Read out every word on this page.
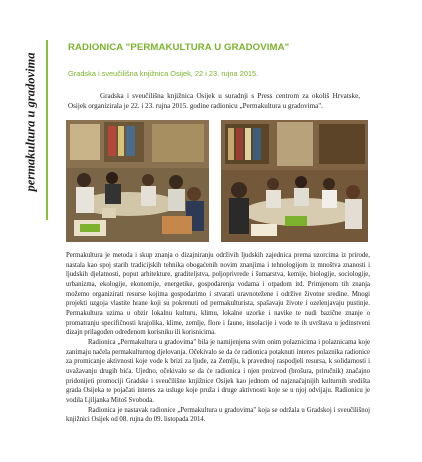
permakultura u gradovima
RADIONICA "PERMAKULTURA U GRADOVIMA"
Gradska i sveučilišna knjižnica Osijek, 22 i 23. rujna 2015.

Gradska i sveučilišna knjižnica Osijek u suradnji s Press centrom za okoliš Hrvatske, Osijek organizirala je 22. i 23. rujna 2015. godine radionicu „Permakultura u gradovima".

Permakultura je metoda i skup znanja o dizajniranju održivih ljudskih zajednica prema uzorcima iz prirode, nastala kao spoj starih tradicijskih tehnika obogaćenih novim znanjima i tehnologijom iz mnoštva znanosti i ljudskih djelatnosti, poput arhitekture, graditeljstva, poljoprivrede i šumarstva, kemije, biologije, sociologije, urbanizma, ekologije, ekonomije, energetike, gospodarenja vodama i otpadom itd. Primjenom tih znanja možemo organizirati resurse kojima gospodarimo i stvarati uravnotežene i održive životne sredine. Mnogi projekti uzgoja vlastite hrane koji su pokrenuti od permakulturista, spašavaju živote i ozelenjavaju pustinje. Permakultura uzima u obzir lokalnu kulturu, klimu, lokalne uzorke i navike te nudi bazične znanje o promatranju specifičnosti krajolika, klime, zemlje, flore i faune, insolacije i vode te ih uvrštava u jedinstveni dizajn prilagođen određenom korisniku ili korisnicima.

Radionica „Permakultura u gradovima" bila je namijenjena svim onim polaznicima i polaznicama koje zanimaju načela permakulturnog djelovanja. Očekivalo se da će radionica potaknuti interes polaznika radionice za promicanje aktivnosti koje vode k brizi za ljude, za Zemlju, k pravednoj raspodjeli resursa, k solidarnosti i uvažavanju drugih bića. Ujedno, očekivalo se da će radionica i njen proizvod (brošura, priručnik) značajno pridonijeti promociji Gradske i sveučilišne knjižnice Osijek kao jednom od najznačajnijih kulturnih središta grada Osijeka te pojačati interes za usluge koje pruža i druge aktivnosti koje se u njoj odvijaju. Radionicu je vodila Ljiljanka Mitoš Svoboda.

Radionica je nastavak radionice „Permakultura u gradovima" koja se održala u Gradskoj i sveučilišnoj knjižnici Osijek od 08. rujna do 09. listopada 2014.
